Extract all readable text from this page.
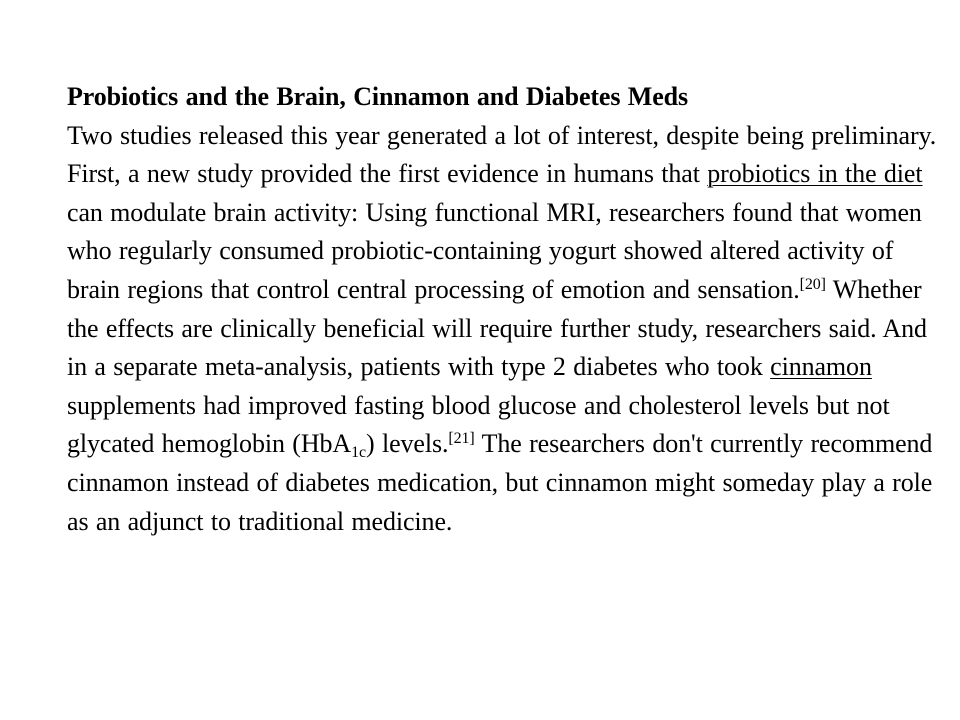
Probiotics and the Brain, Cinnamon and Diabetes Meds

Two studies released this year generated a lot of interest, despite being preliminary.

First, a new study provided the first evidence in humans that probiotics in the diet can modulate brain activity: Using functional MRI, researchers found that women who regularly consumed probiotic-containing yogurt showed altered activity of brain regions that control central processing of emotion and sensation.[20] Whether the effects are clinically beneficial will require further study, researchers said. And in a separate meta-analysis, patients with type 2 diabetes who took cinnamon supplements had improved fasting blood glucose and cholesterol levels but not glycated hemoglobin (HbA$_{1c}$) levels.[21] The researchers don't currently recommend cinnamon instead of diabetes medication, but cinnamon might someday play a role as an adjunct to traditional medicine.
